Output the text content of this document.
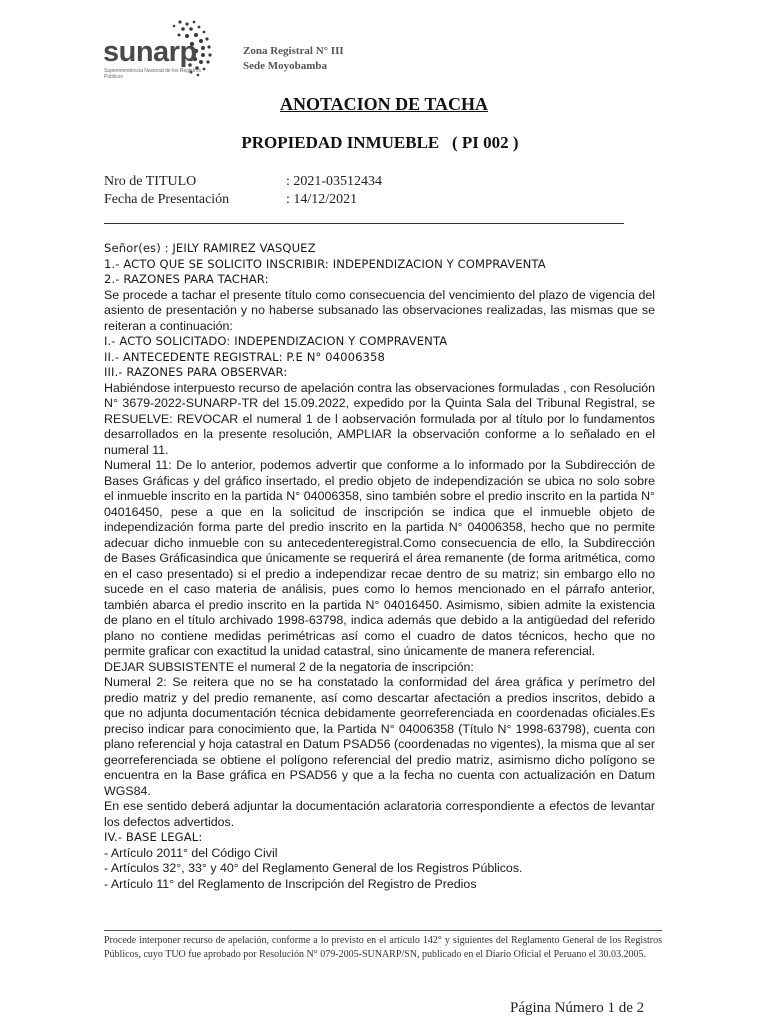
sunarp
Superintendencia Nacional de los Registros Públicos
Zona Registral N° III
Sede Moyobamba
ANOTACION DE TACHA
PROPIEDAD INMUEBLE   ( PI 002 )
Nro de TITULO	: 2021-03512434
Fecha de Presentación	: 14/12/2021

Señor(es) : JEILY RAMIREZ VASQUEZ

1.- ACTO QUE SE SOLICITO INSCRIBIR: INDEPENDIZACION Y COMPRAVENTA

2.- RAZONES PARA TACHAR:

Se procede a tachar el presente título como consecuencia del vencimiento del plazo de vigencia del asiento de presentación y no haberse subsanado las observaciones realizadas, las mismas que se reiteran a continuación:

I.- ACTO SOLICITADO: INDEPENDIZACION Y COMPRAVENTA

II.- ANTECEDENTE REGISTRAL: P.E N° 04006358

III.- RAZONES PARA OBSERVAR:

Habiéndose interpuesto recurso de apelación contra las observaciones formuladas , con Resolución N° 3679-2022-SUNARP-TR del 15.09.2022, expedido por la Quinta Sala del Tribunal Registral, se RESUELVE: REVOCAR el numeral 1 de l aobservación formulada por al título por lo fundamentos desarrollados en la presente resolución, AMPLIAR la observación conforme a lo señalado en el numeral 11.

Numeral 11: De lo anterior, podemos advertir que conforme a lo informado por la Subdirección de Bases Gráficas y del gráfico insertado, el predio objeto de independización se ubica no solo sobre el inmueble inscrito en la partida N° 04006358, sino también sobre el predio inscrito en la partida N° 04016450, pese a que en la solicitud de inscripción se indica que el inmueble objeto de independización forma parte del predio inscrito en la partida N° 04006358, hecho que no permite adecuar dicho inmueble con su antecedenteregistral.Como consecuencia de ello, la Subdirección de Bases Gráficasindica que únicamente se requerirá el área remanente (de forma aritmética, como en el caso presentado) si el predio a independizar recae dentro de su matriz; sin embargo ello no sucede en el caso materia de análisis, pues como lo hemos mencionado en el párrafo anterior, también abarca el predio inscrito en la partida N° 04016450. Asimismo, sibien admite la existencia de plano en el título archivado 1998-63798, indica además que debido a la antigüedad del referido plano no contiene medidas perimétricas así como el cuadro de datos técnicos, hecho que no permite graficar con exactitud la unidad catastral, sino únicamente de manera referencial.

DEJAR SUBSISTENTE el numeral 2 de la negatoria de inscripción:

Numeral 2: Se reitera que no se ha constatado la conformidad del área gráfica y perímetro del predio matriz y del predio remanente, así como descartar afectación a predios inscritos, debido a que no adjunta documentación técnica debidamente georreferenciada en coordenadas oficiales.Es preciso indicar para conocimiento que, la Partida N° 04006358 (Título N° 1998-63798), cuenta con plano referencial y hoja catastral en Datum PSAD56 (coordenadas no vigentes), la misma que al ser georreferenciada se obtiene el polígono referencial del predio matriz, asimismo dicho polígono se encuentra en la Base gráfica en PSAD56 y que a la fecha no cuenta con actualización en Datum WGS84.

En ese sentido deberá adjuntar la documentación aclaratoria correspondiente a efectos de levantar los defectos advertidos.

IV.- BASE LEGAL:

- Artículo 2011° del Código Civil

- Artículos 32°, 33° y 40° del Reglamento General de los Registros Públicos.

- Artículo 11° del Reglamento de Inscripción del Registro de Predios

Procede interponer recurso de apelación, conforme a lo previsto en el artículo 142° y siguientes del Reglamento General de los Registros Públicos, cuyo TUO fue aprobado por Resolución N° 079-2005-SUNARP/SN, publicado en el Diario Oficial el Peruano el 30.03.2005.
Página Número 1 de 2
